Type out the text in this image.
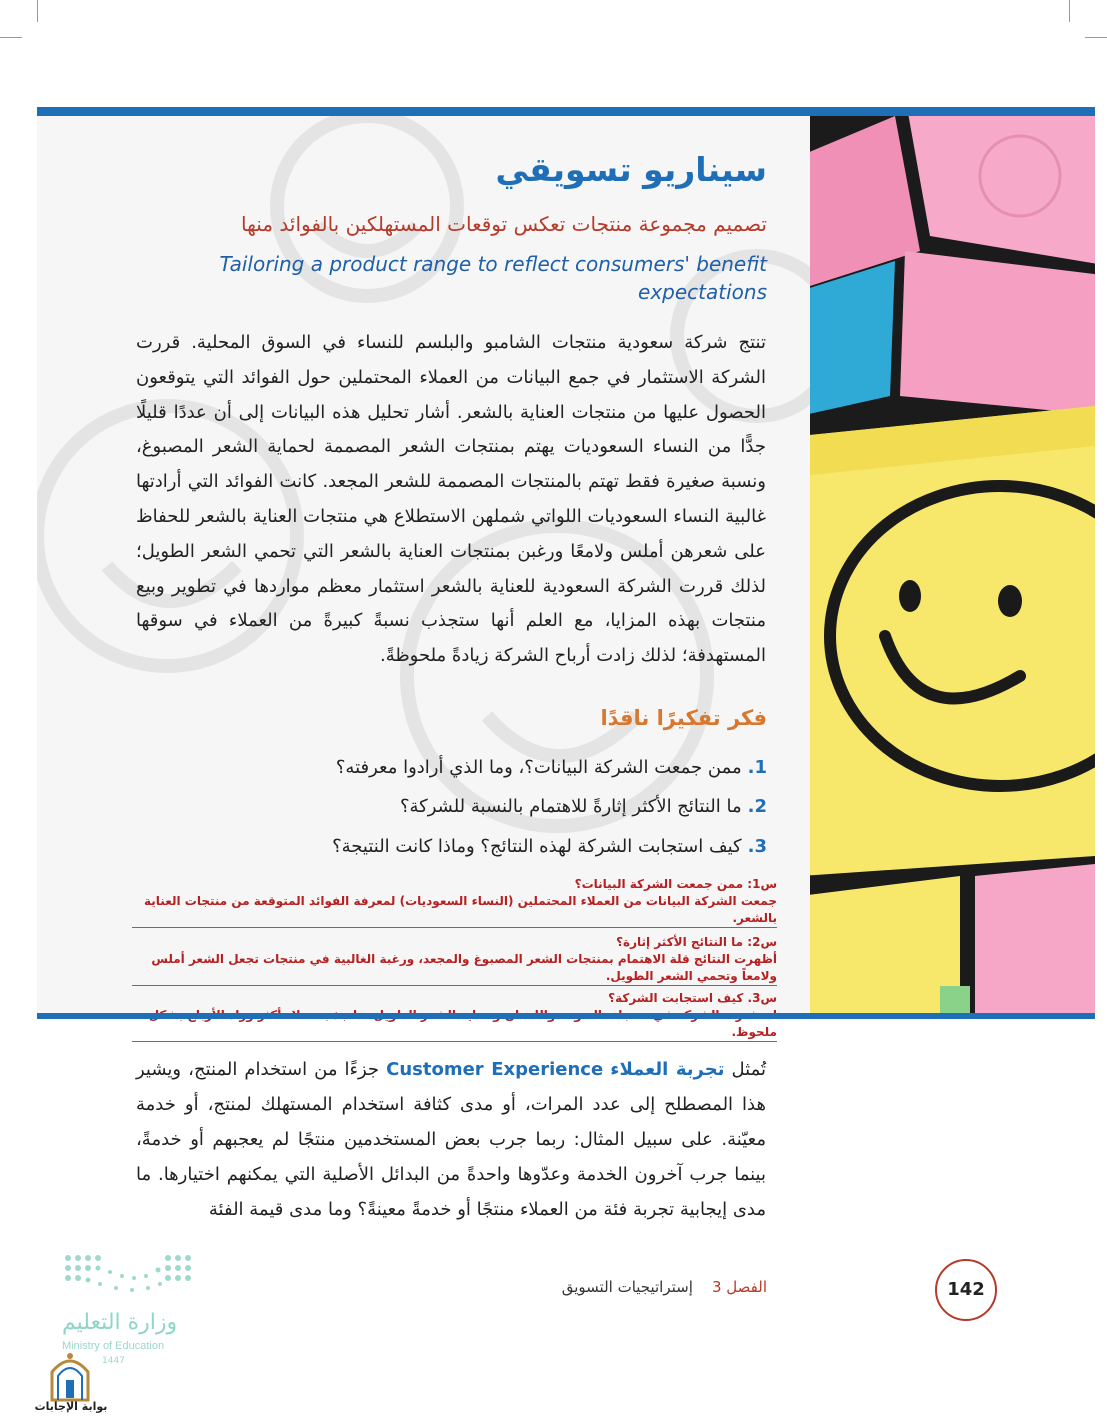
سيناريو تسويقي
تصميم مجموعة منتجات تعكس توقعات المستهلكين بالفوائد منها
Tailoring a product range to reflect consumers' benefit expectations
تنتج شركة سعودية منتجات الشامبو والبلسم للنساء في السوق المحلية. قررت الشركة الاستثمار في جمع البيانات من العملاء المحتملين حول الفوائد التي يتوقعون الحصول عليها من منتجات العناية بالشعر. أشار تحليل هذه البيانات إلى أن عددًا قليلًا جدًّا من النساء السعوديات يهتم بمنتجات الشعر المصممة لحماية الشعر المصبوغ، ونسبة صغيرة فقط تهتم بالمنتجات المصممة للشعر المجعد. كانت الفوائد التي أرادتها غالبية النساء السعوديات اللواتي شملهن الاستطلاع هي منتجات العناية بالشعر للحفاظ على شعرهن أملس ولامعًا ورغبن بمنتجات العناية بالشعر التي تحمي الشعر الطويل؛ لذلك قررت الشركة السعودية للعناية بالشعر استثمار معظم مواردها في تطوير وبيع منتجات بهذه المزايا، مع العلم أنها ستجذب نسبةً كبيرةً من العملاء في سوقها المستهدفة؛ لذلك زادت أرباح الشركة زيادةً ملحوظةً.
فكر تفكيرًا ناقدًا
1.ممن جمعت الشركة البيانات؟، وما الذي أرادوا معرفته؟
2.ما النتائج الأكثر إثارةً للاهتمام بالنسبة للشركة؟
3.كيف استجابت الشركة لهذه النتائج؟ وماذا كانت النتيجة؟
س1: ممن جمعت الشركة البيانات؟
جمعت الشركة البيانات من العملاء المحتملين (النساء السعوديات) لمعرفة الفوائد المتوقعة من منتجات العناية بالشعر.
س2: ما النتائج الأكثر إثارة؟
أظهرت النتائج قلة الاهتمام بمنتجات الشعر المصبوغ والمجعد، ورغبة الغالبية في منتجات تجعل الشعر أملس ولامعاً وتحمي الشعر الطويل.
س3. كيف استجابت الشركة؟
ملحوظ.
تُمثل تجربة العملاء Customer Experience جزءًا من استخدام المنتج، ويشير هذا المصطلح إلى عدد المرات، أو مدى كثافة استخدام المستهلك لمنتج، أو خدمة معيّنة. على سبيل المثال: ربما جرب بعض المستخدمين منتجًا لم يعجبهم أو خدمةً، بينما جرب آخرون الخدمة وعدّوها واحدةً من البدائل الأصلية التي يمكنهم اختيارها. ما مدى إيجابية تجربة فئة من العملاء منتجًا أو خدمةً معينةً؟ وما مدى قيمة الفئة
142
الفصل 3    إستراتيجيات التسويق
وزارة التعليم
Ministry of Education
1447
بوابة الإجابات
